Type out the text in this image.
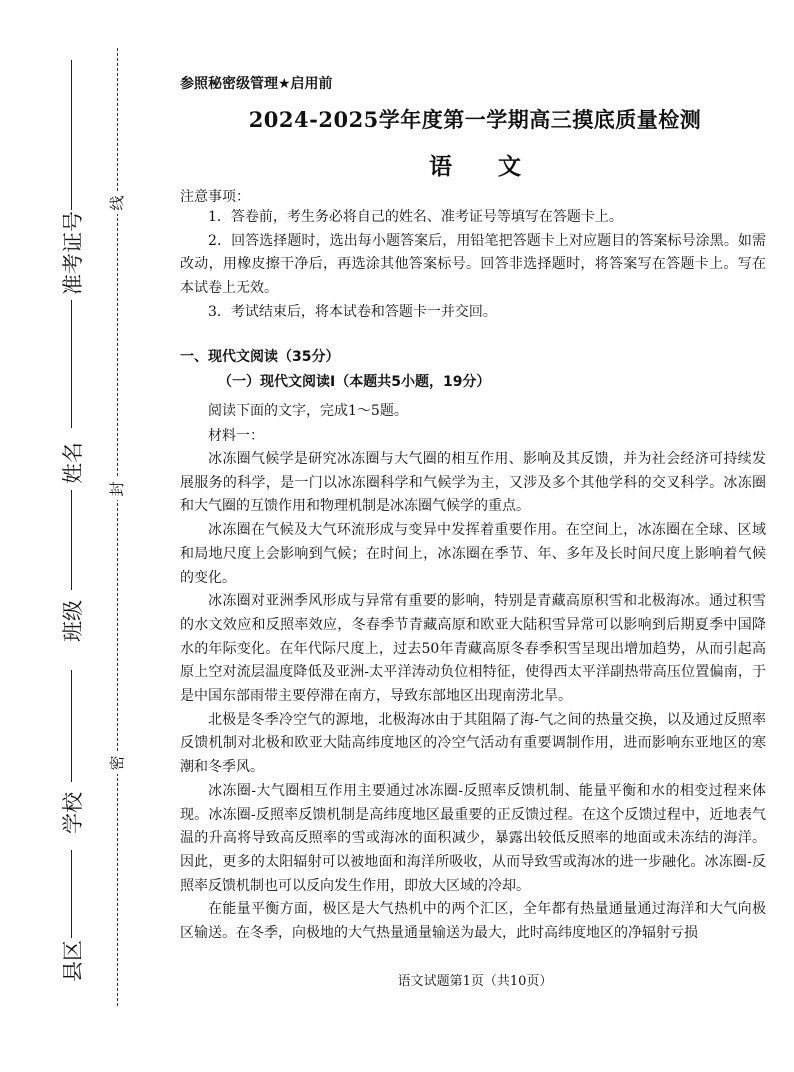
准考证号
姓名
班级
学校
县区
线
封
密
参照秘密级管理★启用前
2024-2025学年度第一学期高三摸底质量检测
语文
注意事项：

1．答卷前，考生务必将自己的姓名、准考证号等填写在答题卡上。

2．回答选择题时，选出每小题答案后，用铅笔把答题卡上对应题目的答案标号涂黑。如需改动，用橡皮擦干净后，再选涂其他答案标号。回答非选择题时，将答案写在答题卡上。写在本试卷上无效。

3．考试结束后，将本试卷和答题卡一并交回。

一、现代文阅读（35分）
（一）现代文阅读Ⅰ（本题共5小题，19分）
阅读下面的文字，完成1～5题。
材料一：

冰冻圈气候学是研究冰冻圈与大气圈的相互作用、影响及其反馈，并为社会经济可持续发展服务的科学，是一门以冰冻圈科学和气候学为主，又涉及多个其他学科的交叉科学。冰冻圈和大气圈的互馈作用和物理机制是冰冻圈气候学的重点。

冰冻圈在气候及大气环流形成与变异中发挥着重要作用。在空间上，冰冻圈在全球、区域和局地尺度上会影响到气候；在时间上，冰冻圈在季节、年、多年及长时间尺度上影响着气候的变化。

冰冻圈对亚洲季风形成与异常有重要的影响，特别是青藏高原积雪和北极海冰。通过积雪的水文效应和反照率效应，冬春季节青藏高原和欧亚大陆积雪异常可以影响到后期夏季中国降水的年际变化。在年代际尺度上，过去50年青藏高原冬春季积雪呈现出增加趋势，从而引起高原上空对流层温度降低及亚洲-太平洋涛动负位相特征，使得西太平洋副热带高压位置偏南，于是中国东部雨带主要停滞在南方，导致东部地区出现南涝北旱。

北极是冬季冷空气的源地，北极海冰由于其阻隔了海-气之间的热量交换，以及通过反照率反馈机制对北极和欧亚大陆高纬度地区的冷空气活动有重要调制作用，进而影响东亚地区的寒潮和冬季风。

冰冻圈-大气圈相互作用主要通过冰冻圈-反照率反馈机制、能量平衡和水的相变过程来体现。冰冻圈-反照率反馈机制是高纬度地区最重要的正反馈过程。在这个反馈过程中，近地表气温的升高将导致高反照率的雪或海冰的面积减少，暴露出较低反照率的地面或未冻结的海洋。因此，更多的太阳辐射可以被地面和海洋所吸收，从而导致雪或海冰的进一步融化。冰冻圈-反照率反馈机制也可以反向发生作用，即放大区域的冷却。

在能量平衡方面，极区是大气热机中的两个汇区，全年都有热量通量通过海洋和大气向极区输送。在冬季，向极地的大气热量通量输送为最大，此时高纬度地区的净辐射亏损

语文试题第1页（共10页）
